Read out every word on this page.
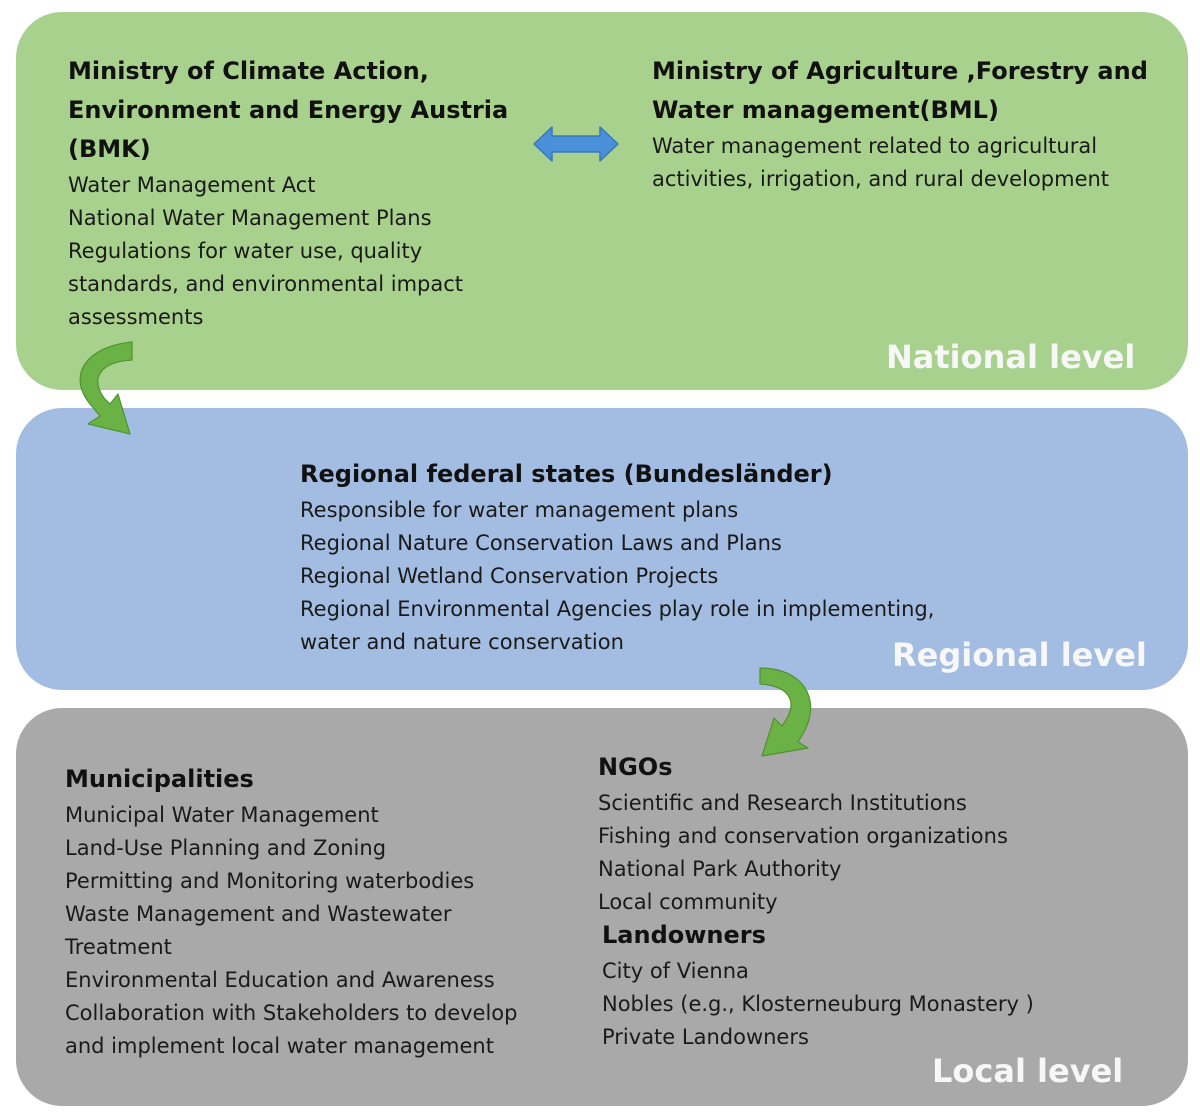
Ministry of Climate Action,
Environment and Energy Austria
(BMK)
Water Management Act
National Water Management Plans
Regulations for water use, quality
standards, and environmental impact
assessments
Ministry of Agriculture ,Forestry and
Water management(BML)
Water management related to agricultural
activities, irrigation, and rural development
National level
Regional federal states (Bundesländer)
Responsible for water management plans
Regional Nature Conservation Laws and Plans
Regional Wetland Conservation Projects
Regional Environmental Agencies play role in implementing,
water and nature conservation	Regional level
Municipalities
Municipal Water Management
Land-Use Planning and Zoning
Permitting and Monitoring waterbodies
Waste Management and Wastewater
Treatment
Environmental Education and Awareness
Collaboration with Stakeholders to develop
and implement local water management
NGOs
Scientific and Research Institutions
Fishing and conservation organizations
National Park Authority
Local community
Landowners
City of Vienna
Nobles (e.g., Klosterneuburg Monastery )
Private Landowners
Local level
